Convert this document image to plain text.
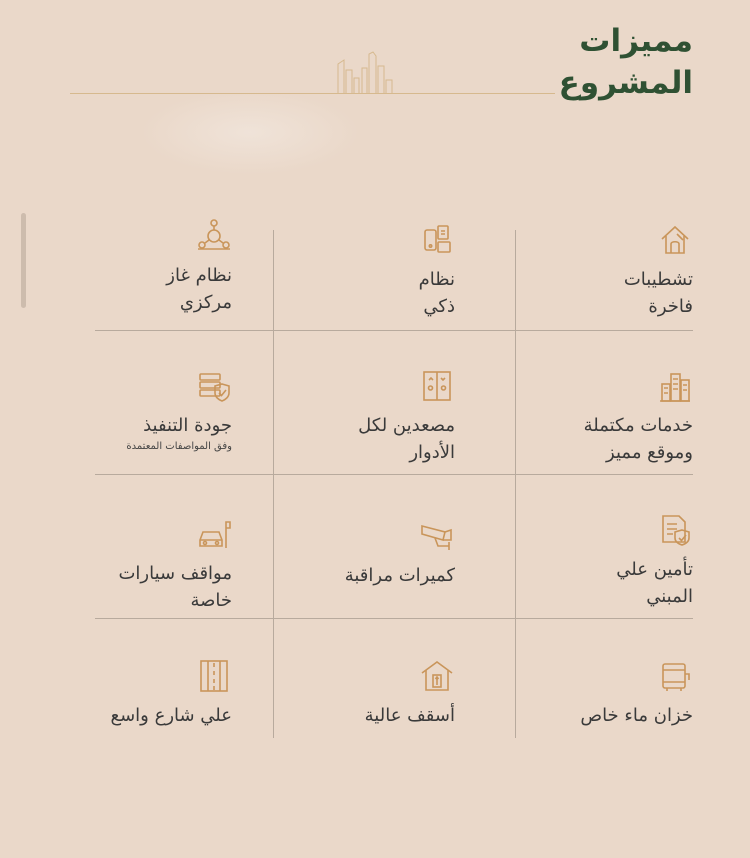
مميزات
المشروع
تشطيبات
فاخرة
نظام
ذكي
نظام غاز
مركزي
خدمات مكتملة
وموقع مميز
مصعدين لكل
الأدوار
جودة التنفيذ
وفق المواصفات المعتمدة
تأمين علي
المبني
كميرات مراقبة
مواقف سيارات
خاصة
خزان ماء خاص
أسقف عالية
علي شارع واسع
